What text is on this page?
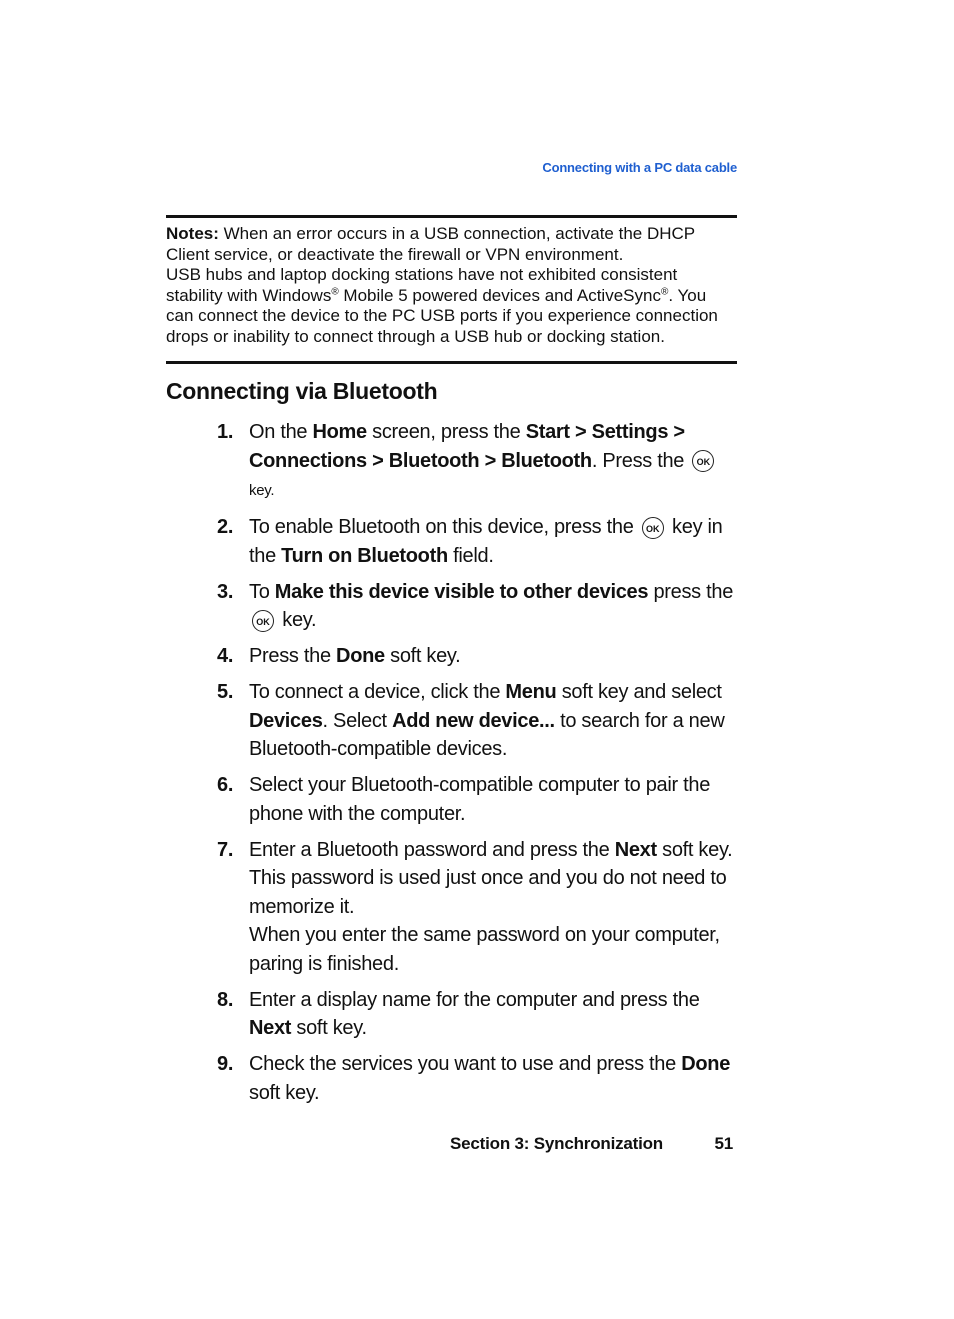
Connecting with a PC data cable

Notes: When an error occurs in a USB connection, activate the DHCP Client service, or deactivate the firewall or VPN environment.

USB hubs and laptop docking stations have not exhibited consistent stability with Windows® Mobile 5 powered devices and ActiveSync®. You can connect the device to the PC USB ports if you experience connection drops or inability to connect through a USB hub or docking station.

Connecting via Bluetooth
1. On the Home screen, press the Start > Settings > Connections > Bluetooth > Bluetooth. Press the OK
key.
2. To enable Bluetooth on this device, press the OK key in the Turn on Bluetooth field.
3. To Make this device visible to other devices press the
OK key.
4. Press the Done soft key.
5. To connect a device, click the Menu soft key and select Devices. Select Add new device... to search for a new Bluetooth-compatible devices.
6. Select your Bluetooth-compatible computer to pair the phone with the computer.
7. Enter a Bluetooth password and press the Next soft key. This password is used just once and you do not need to memorize it.
When you enter the same password on your computer, paring is finished.
8. Enter a display name for the computer and press the Next soft key.
9. Check the services you want to use and press the Done soft key.
Section 3: Synchronization	51
